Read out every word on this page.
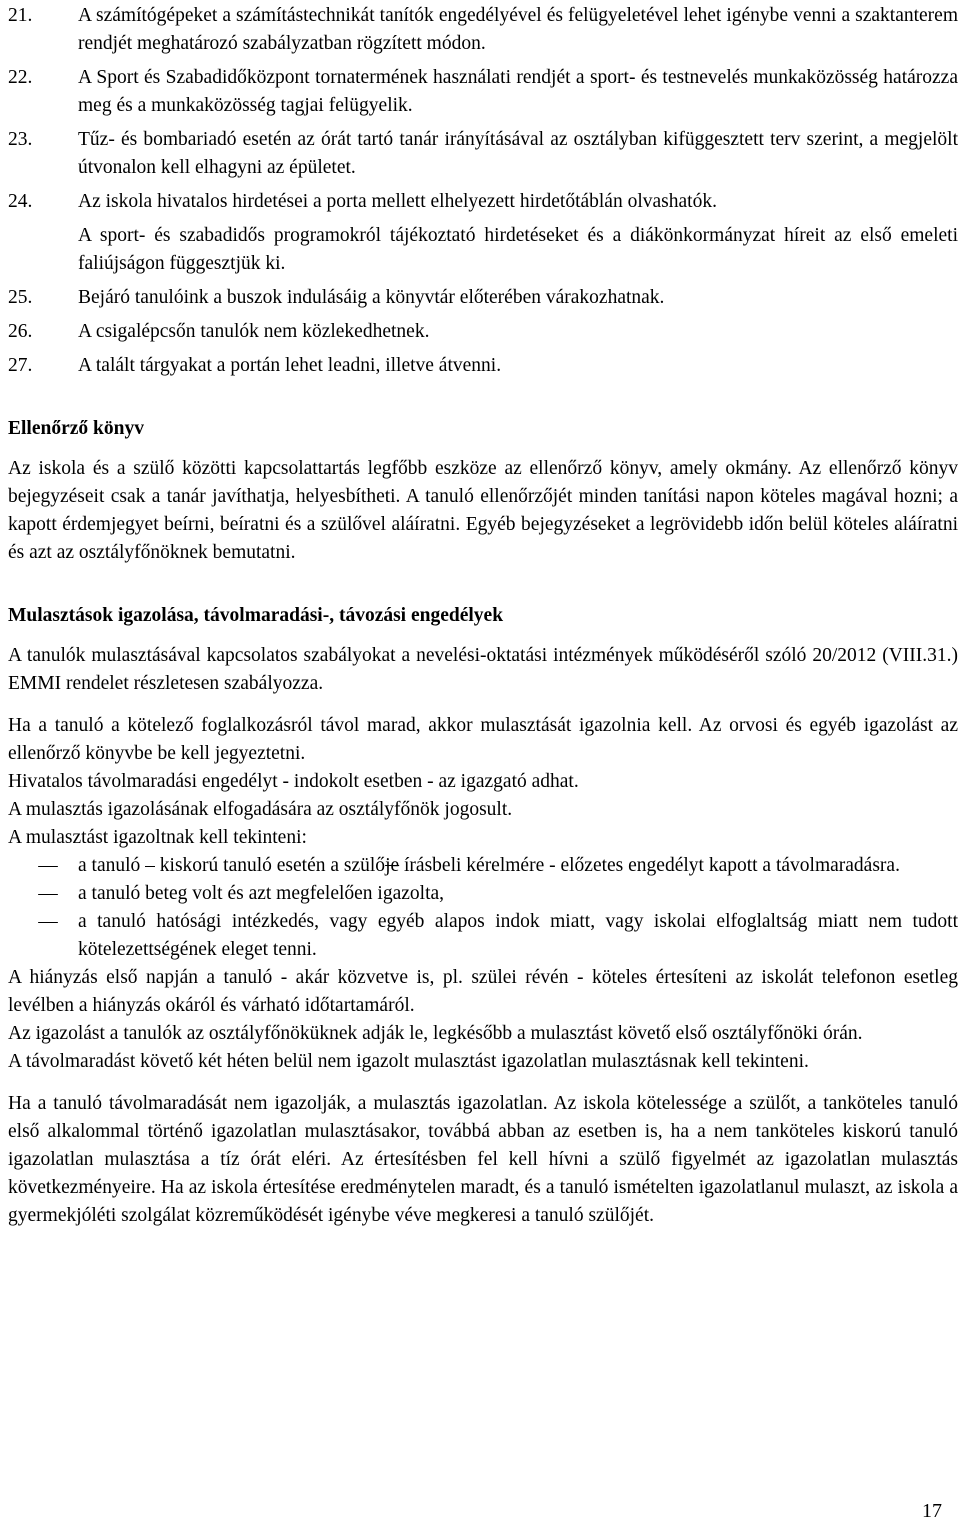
21. A számítógépeket a számítástechnikát tanítók engedélyével és felügyeletével lehet igénybe venni a szaktanterem rendjét meghatározó szabályzatban rögzített módon.
22. A Sport és Szabadidőközpont tornatermének használati rendjét a sport- és testnevelés munkaközösség határozza meg és a munkaközösség tagjai felügyelik.
23. Tűz- és bombariadó esetén az órát tartó tanár irányításával az osztályban kifüggesztett terv szerint, a megjelölt útvonalon kell elhagyni az épületet.
24. Az iskola hivatalos hirdetései a porta mellett elhelyezett hirdetőtáblán olvashatók.

A sport- és szabadidős programokról tájékoztató hirdetéseket és a diákönkormányzat híreit az első emeleti faliújságon függesztjük ki.

25. Bejáró tanulóink a buszok indulásáig a könyvtár előterében várakozhatnak.
26. A csigalépcsőn tanulók nem közlekedhetnek.
27. A talált tárgyakat a portán lehet leadni, illetve átvenni.
Ellenőrző könyv

Az iskola és a szülő közötti kapcsolattartás legfőbb eszköze az ellenőrző könyv, amely okmány. Az ellenőrző könyv bejegyzéseit csak a tanár javíthatja, helyesbítheti. A tanuló ellenőrzőjét minden tanítási napon köteles magával hozni; a kapott érdemjegyet beírni, beíratni és a szülővel aláíratni. Egyéb bejegyzéseket a legrövidebb időn belül köteles aláíratni és azt az osztályfőnöknek bemutatni.

Mulasztások igazolása, távolmaradási-, távozási engedélyek

A tanulók mulasztásával kapcsolatos szabályokat a nevelési-oktatási intézmények működéséről szóló 20/2012 (VIII.31.) EMMI rendelet részletesen szabályozza.

Ha a tanuló a kötelező foglalkozásról távol marad, akkor mulasztását igazolnia kell. Az orvosi és egyéb igazolást az ellenőrző könyvbe be kell jegyeztetni.

Hivatalos távolmaradási engedélyt - indokolt esetben - az igazgató adhat.

A mulasztás igazolásának elfogadására az osztályfőnök jogosult.

A mulasztást igazoltnak kell tekinteni:

—	a tanuló – kiskorú tanuló esetén a szülője írásbeli kérelmére - előzetes engedélyt kapott a távolmaradásra.
—	a tanuló beteg volt és azt megfelelően igazolta,
—	a tanuló hatósági intézkedés, vagy egyéb alapos indok miatt, vagy iskolai elfoglaltság miatt nem tudott kötelezettségének eleget tenni.

A hiányzás első napján a tanuló - akár közvetve is, pl. szülei révén - köteles értesíteni az iskolát telefonon esetleg levélben a hiányzás okáról és várható időtartamáról.

Az igazolást a tanulók az osztályfőnöküknek adják le, legkésőbb a mulasztást követő első osztályfőnöki órán.

A távolmaradást követő két héten belül nem igazolt mulasztást igazolatlan mulasztásnak kell tekinteni.

Ha a tanuló távolmaradását nem igazolják, a mulasztás igazolatlan. Az iskola kötelessége a szülőt, a tanköteles tanuló első alkalommal történő igazolatlan mulasztásakor, továbbá abban az esetben is, ha a nem tanköteles kiskorú tanuló igazolatlan mulasztása a tíz órát eléri. Az értesítésben fel kell hívni a szülő figyelmét az igazolatlan mulasztás következményeire. Ha az iskola értesítése eredménytelen maradt, és a tanuló ismételten igazolatlanul mulaszt, az iskola a gyermekjóléti szolgálat közreműködését igénybe véve megkeresi a tanuló szülőjét.

17
